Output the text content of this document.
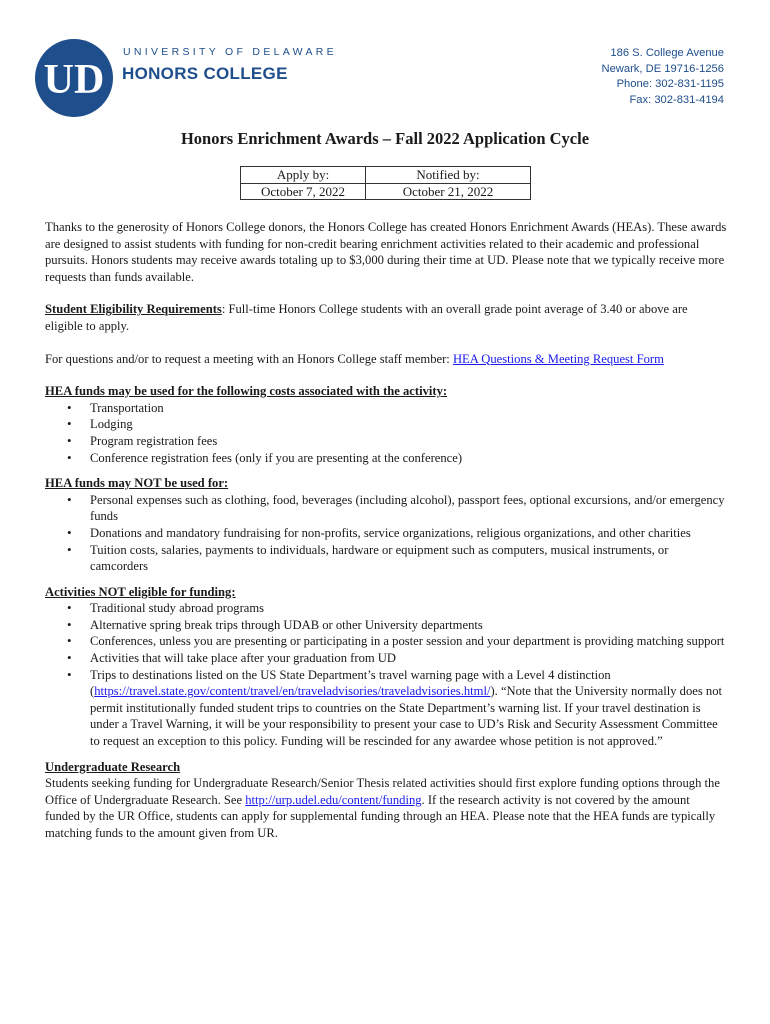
UD
UNIVERSITY OF DELAWARE
HONORS COLLEGE
186 S. College Avenue
Newark, DE 19716-1256
Phone: 302-831-1195
Fax: 302-831-4194
Honors Enrichment Awards – Fall 2022 Application Cycle
Apply by:	Notified by:
October 7, 2022	October 21, 2022

Thanks to the generosity of Honors College donors, the Honors College has created Honors Enrichment Awards (HEAs). These awards are designed to assist students with funding for non-credit bearing enrichment activities related to their academic and professional pursuits. Honors students may receive awards totaling up to $3,000 during their time at UD. Please note that we typically receive more requests than funds available.

Student Eligibility Requirements: Full-time Honors College students with an overall grade point average of 3.40 or above are eligible to apply.

For questions and/or to request a meeting with an Honors College staff member: HEA Questions & Meeting Request Form

HEA funds may be used for the following costs associated with the activity:
• Transportation
• Lodging
• Program registration fees
• Conference registration fees (only if you are presenting at the conference)
HEA funds may NOT be used for:
• Personal expenses such as clothing, food, beverages (including alcohol), passport fees, optional excursions, and/or emergency funds
• Donations and mandatory fundraising for non-profits, service organizations, religious organizations, and other charities
• Tuition costs, salaries, payments to individuals, hardware or equipment such as computers, musical instruments, or camcorders
Activities NOT eligible for funding:
• Traditional study abroad programs
• Alternative spring break trips through UDAB or other University departments
• Conferences, unless you are presenting or participating in a poster session and your department is providing matching support
• Activities that will take place after your graduation from UD
• Trips to destinations listed on the US State Department’s travel warning page with a Level 4 distinction (https://travel.state.gov/content/travel/en/traveladvisories/traveladvisories.html/). “Note that the University normally does not permit institutionally funded student trips to countries on the State Department’s warning list. If your travel destination is under a Travel Warning, it will be your responsibility to present your case to UD’s Risk and Security Assessment Committee to request an exception to this policy. Funding will be rescinded for any awardee whose petition is not approved.”
Undergraduate Research
Students seeking funding for Undergraduate Research/Senior Thesis related activities should first explore funding options through the Office of Undergraduate Research. See http://urp.udel.edu/content/funding. If the research activity is not covered by the amount funded by the UR Office, students can apply for supplemental funding through an HEA. Please note that the HEA funds are typically matching funds to the amount given from UR.
